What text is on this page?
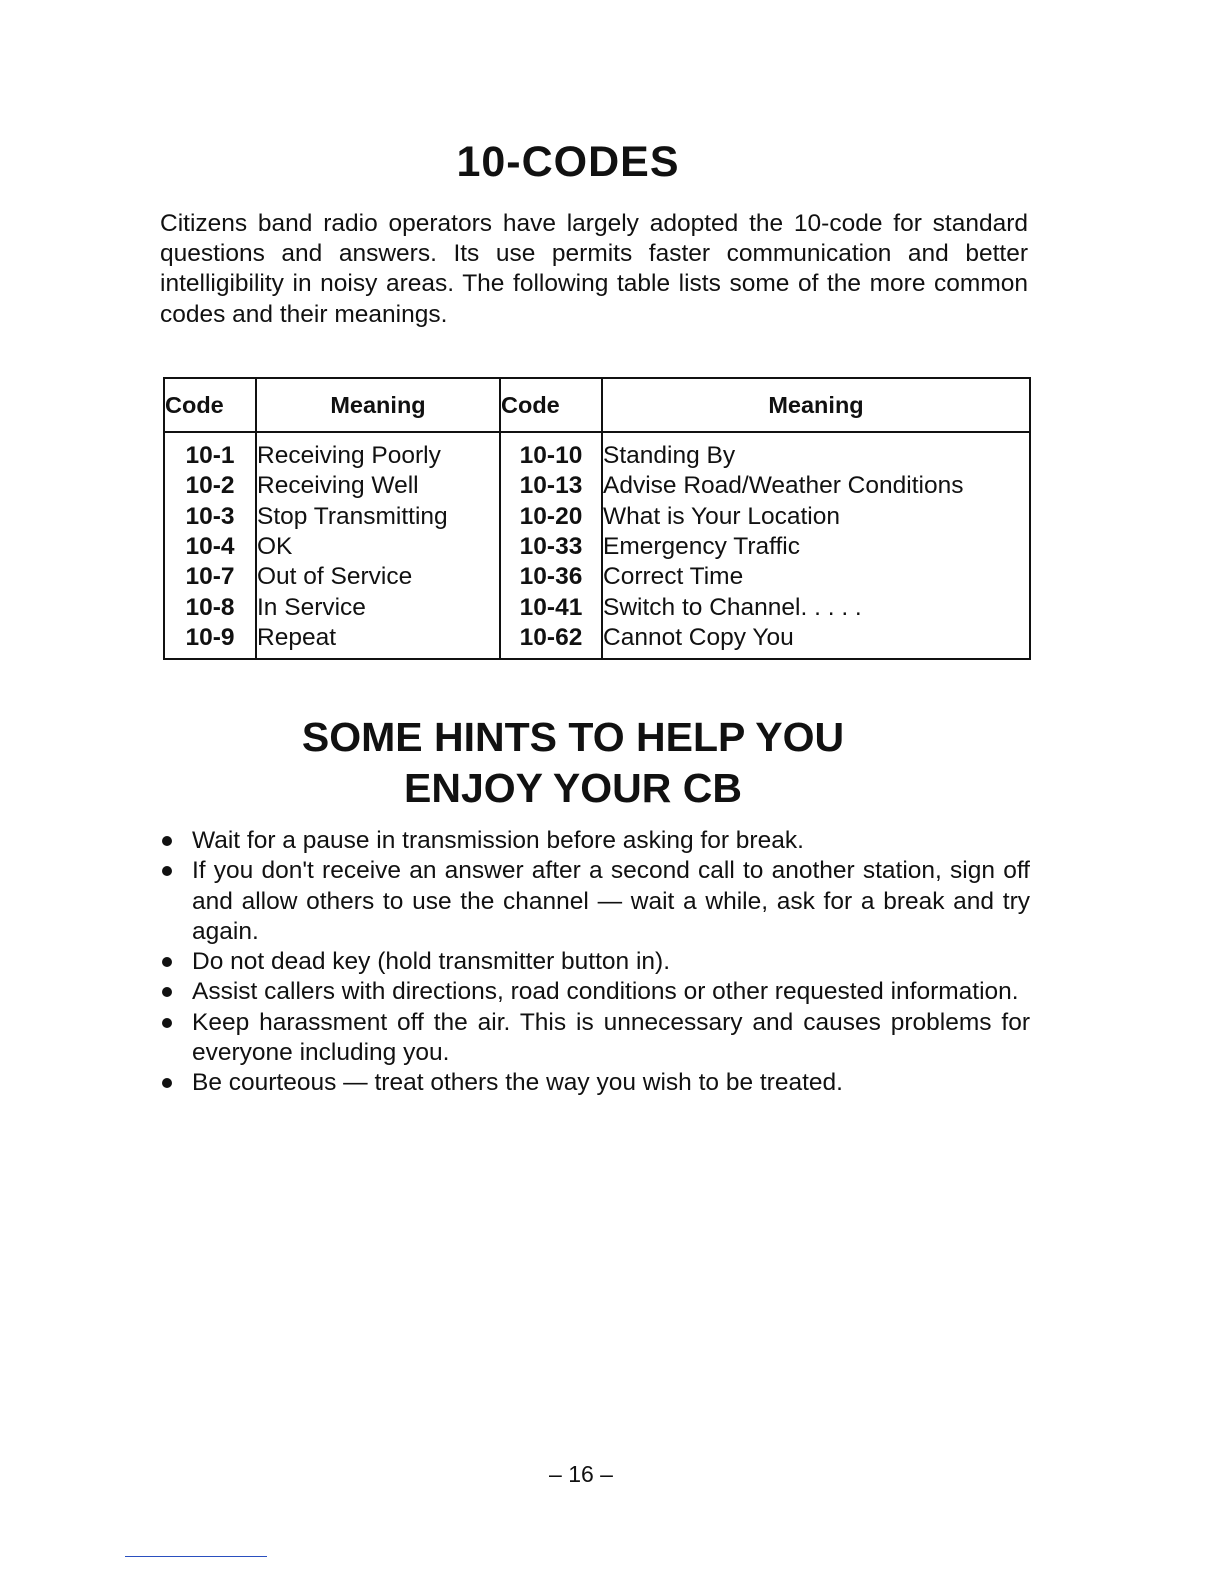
10-CODES

Citizens band radio operators have largely adopted the 10-code for standard questions and answers. Its use permits faster communication and better intelligibility in noisy areas. The following table lists some of the more common codes and their meanings.

Code	Meaning	Code	Meaning
10-1	Receiving Poorly	10-10	Standing By
10-2	Receiving Well	10-13	Advise Road/Weather Conditions
10-3	Stop Transmitting	10-20	What is Your Location
10-4	OK	10-33	Emergency Traffic
10-7	Out of Service	10-36	Correct Time
10-8	In Service	10-41	Switch to Channel. . . . .
10-9	Repeat	10-62	Cannot Copy You
SOME HINTS TO HELP YOU
ENJOY YOUR CB
Wait for a pause in transmission before asking for break.
If you don't receive an answer after a second call to another station, sign off and allow others to use the channel — wait a while, ask for a break and try again.
Do not dead key (hold transmitter button in).
Assist callers with directions, road conditions or other requested information.
Keep harassment off the air. This is unnecessary and causes problems for everyone including you.
Be courteous — treat others the way you wish to be treated.

– 16 –
